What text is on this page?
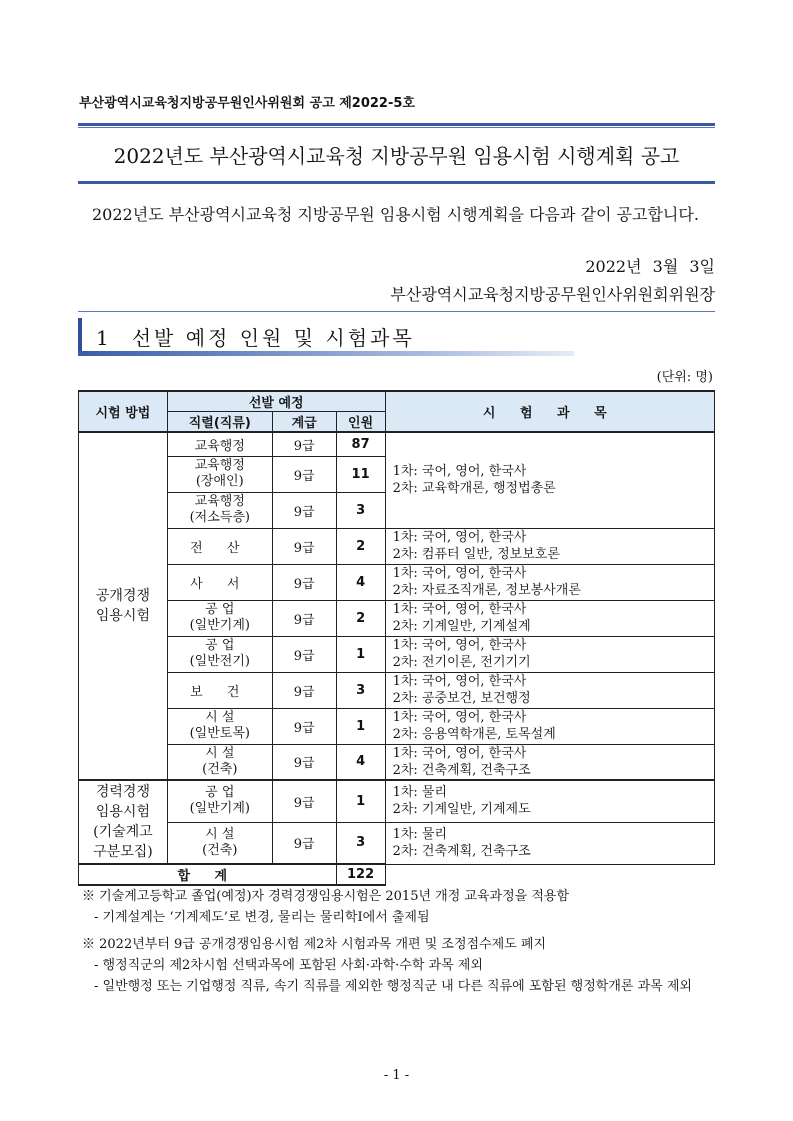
부산광역시교육청지방공무원인사위원회 공고 제2022-5호
2022년도 부산광역시교육청 지방공무원 임용시험 시행계획 공고
2022년도 부산광역시교육청 지방공무원 임용시험 시행계획을 다음과 같이 공고합니다.
2022년 3월 3일
부산광역시교육청지방공무원인사위원회위원장
1 선발 예정 인원 및 시험과목
(단위: 명)
시험 방법	선발 예정			시 험 과 목
	직렬(직류)	계급	인원	
공개경쟁
임용시험	교육행정	9급	87	1차: 국어, 영어, 한국사
2차: 교육학개론, 행정법총론
	교육행정
(장애인)	9급	11	
	교육행정
(저소득층)	9급	3	
	전 산	9급	2	1차: 국어, 영어, 한국사
2차: 컴퓨터 일반, 정보보호론
	사 서	9급	4	1차: 국어, 영어, 한국사
2차: 자료조직개론, 정보봉사개론
	공 업
(일반기계)	9급	2	1차: 국어, 영어, 한국사
2차: 기계일반, 기계설계
	공 업
(일반전기)	9급	1	1차: 국어, 영어, 한국사
2차: 전기이론, 전기기기
	보 건	9급	3	1차: 국어, 영어, 한국사
2차: 공중보건, 보건행정
	시 설
(일반토목)	9급	1	1차: 국어, 영어, 한국사
2차: 응용역학개론, 토목설계
	시 설
(건축)	9급	4	1차: 국어, 영어, 한국사
2차: 건축계획, 건축구조
경력경쟁
임용시험
(기술계고
구분모집)	공 업
(일반기계)	9급	1	1차: 물리
2차: 기계일반, 기계제도
	시 설
(건축)	9급	3	1차: 물리
2차: 건축계획, 건축구조
합 계			122	

※ 기술계고등학교 졸업(예정)자 경력경쟁임용시험은 2015년 개정 교육과정을 적용함

- 기계설계는 ‘기계제도’로 변경, 물리는 물리학Ⅰ에서 출제됨

※ 2022년부터 9급 공개경쟁임용시험 제2차 시험과목 개편 및 조정점수제도 폐지

- 행정직군의 제2차시험 선택과목에 포함된 사회·과학·수학 과목 제외

- 일반행정 또는 기업행정 직류, 속기 직류를 제외한 행정직군 내 다른 직류에 포함된 행정학개론 과목 제외

- 1 -
